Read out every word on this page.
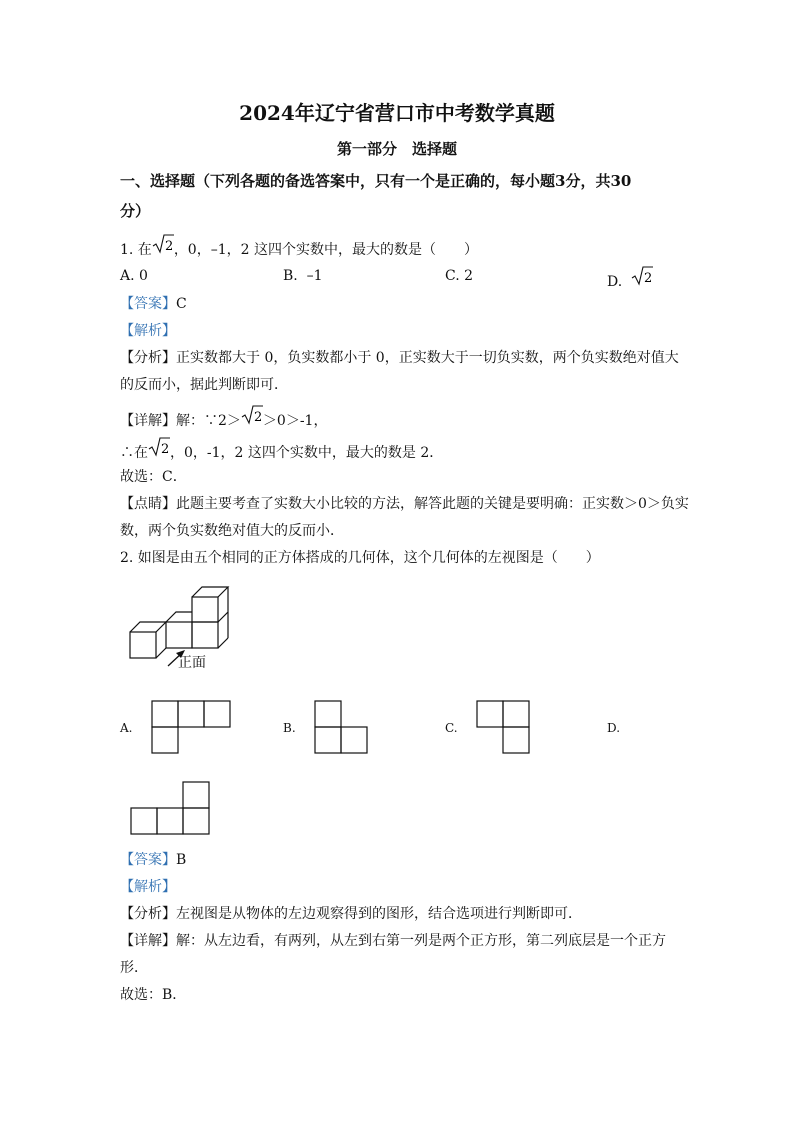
2024年辽宁省营口市中考数学真题
第一部分　选择题
一、选择题（下列各题的备选答案中，只有一个是正确的，每小题3分，共30
分）
1. 在 2 ，0，–1，2 这四个实数中，最大的数是（　　）
A. 0	B. –1	C. 2	D. 2
【答案】C
【解析】
【分析】正实数都大于 0，负实数都小于 0，正实数大于一切负实数，两个负实数绝对值大
的反而小，据此判断即可．
【详解】解：∵2＞ 2 ＞0＞-1，
∴在 2 ，0，-1，2 这四个实数中，最大的数是 2．
故选：C．
【点睛】此题主要考查了实数大小比较的方法，解答此题的关键是要明确：正实数＞0＞负实
数，两个负实数绝对值大的反而小．
2. 如图是由五个相同的正方体搭成的几何体，这个几何体的左视图是（　　）
正面
A.	B.	C.	D.
【答案】B
【解析】
【分析】左视图是从物体的左边观察得到的图形，结合选项进行判断即可．
【详解】解：从左边看，有两列，从左到右第一列是两个正方形，第二列底层是一个正方
形．
故选：B．
